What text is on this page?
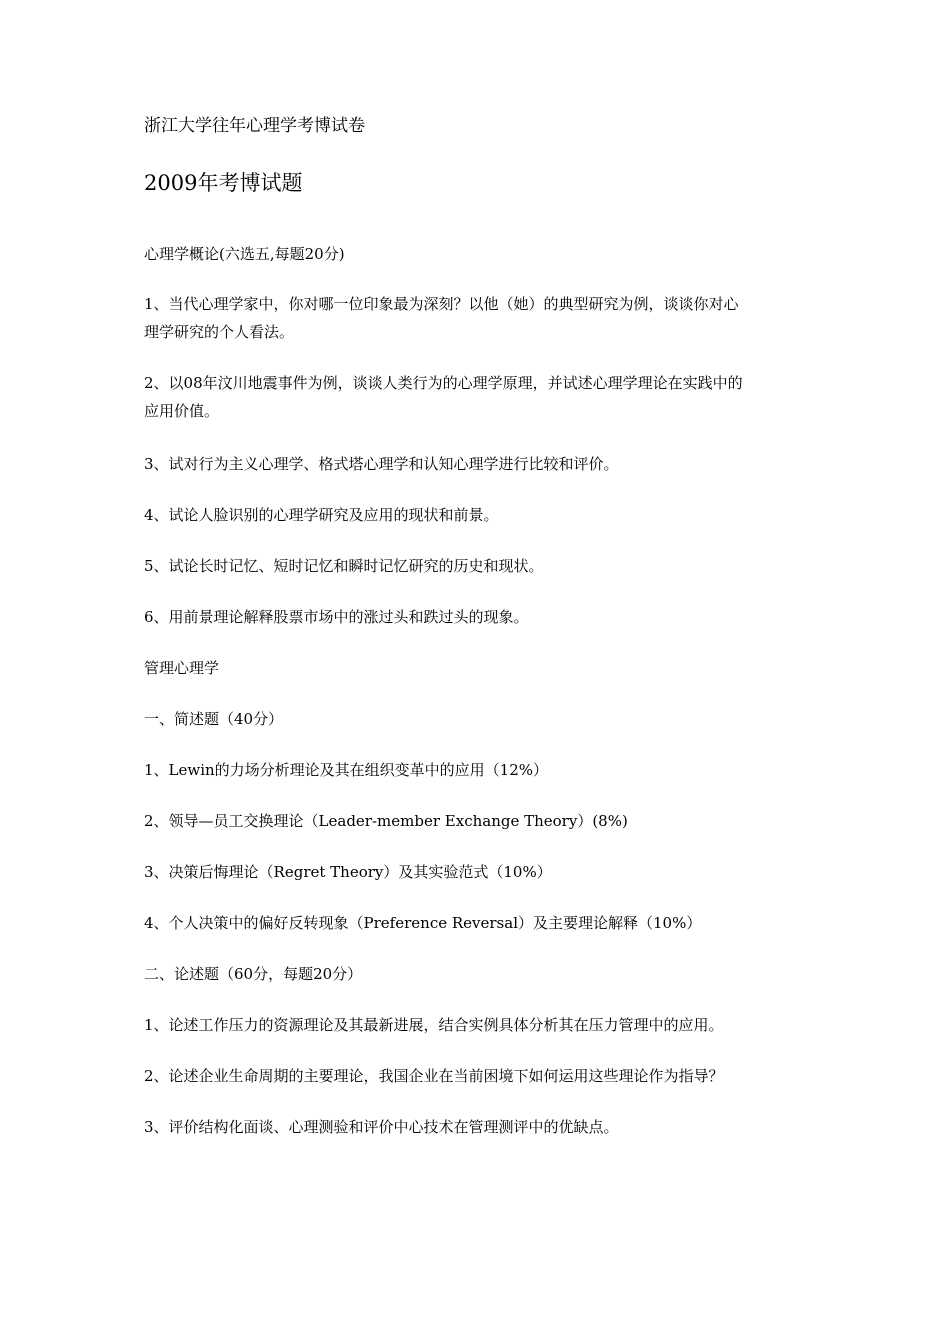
浙江大学往年心理学考博试卷

2009年考博试题

心理学概论(六选五,每题20分)

1、当代心理学家中，你对哪一位印象最为深刻？以他（她）的典型研究为例，谈谈你对心

理学研究的个人看法。

2、以08年汶川地震事件为例，谈谈人类行为的心理学原理，并试述心理学理论在实践中的

应用价值。

3、试对行为主义心理学、格式塔心理学和认知心理学进行比较和评价。

4、试论人脸识别的心理学研究及应用的现状和前景。

5、试论长时记忆、短时记忆和瞬时记忆研究的历史和现状。

6、用前景理论解释股票市场中的涨过头和跌过头的现象。

管理心理学

一、简述题（40分）

1、Lewin的力场分析理论及其在组织变革中的应用（12%）

2、领导—员工交换理论（Leader-member Exchange Theory）(8%)

3、决策后悔理论（Regret Theory）及其实验范式（10%）

4、个人决策中的偏好反转现象（Preference Reversal）及主要理论解释（10%）

二、论述题（60分，每题20分）

1、论述工作压力的资源理论及其最新进展，结合实例具体分析其在压力管理中的应用。

2、论述企业生命周期的主要理论，我国企业在当前困境下如何运用这些理论作为指导？

3、评价结构化面谈、心理测验和评价中心技术在管理测评中的优缺点。
